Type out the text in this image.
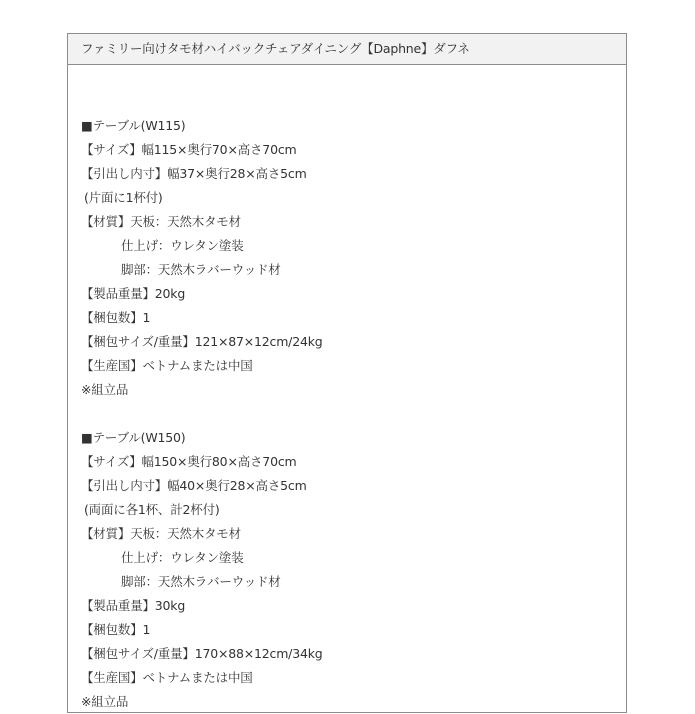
ファミリー向けタモ材ハイバックチェアダイニング【Daphne】ダフネ
■テーブル(W115)
【サイズ】幅115×奥行70×高さ70cm
【引出し内寸】幅37×奥行28×高さ5cm
(片面に1杯付)
【材質】天板：天然木タモ材
仕上げ：ウレタン塗装
脚部：天然木ラバーウッド材
【製品重量】20kg
【梱包数】1
【梱包サイズ/重量】121×87×12cm/24kg
【生産国】ベトナムまたは中国
※組立品
■テーブル(W150)
【サイズ】幅150×奥行80×高さ70cm
【引出し内寸】幅40×奥行28×高さ5cm
(両面に各1杯、計2杯付)
【材質】天板：天然木タモ材
仕上げ：ウレタン塗装
脚部：天然木ラバーウッド材
【製品重量】30kg
【梱包数】1
【梱包サイズ/重量】170×88×12cm/34kg
【生産国】ベトナムまたは中国
※組立品
